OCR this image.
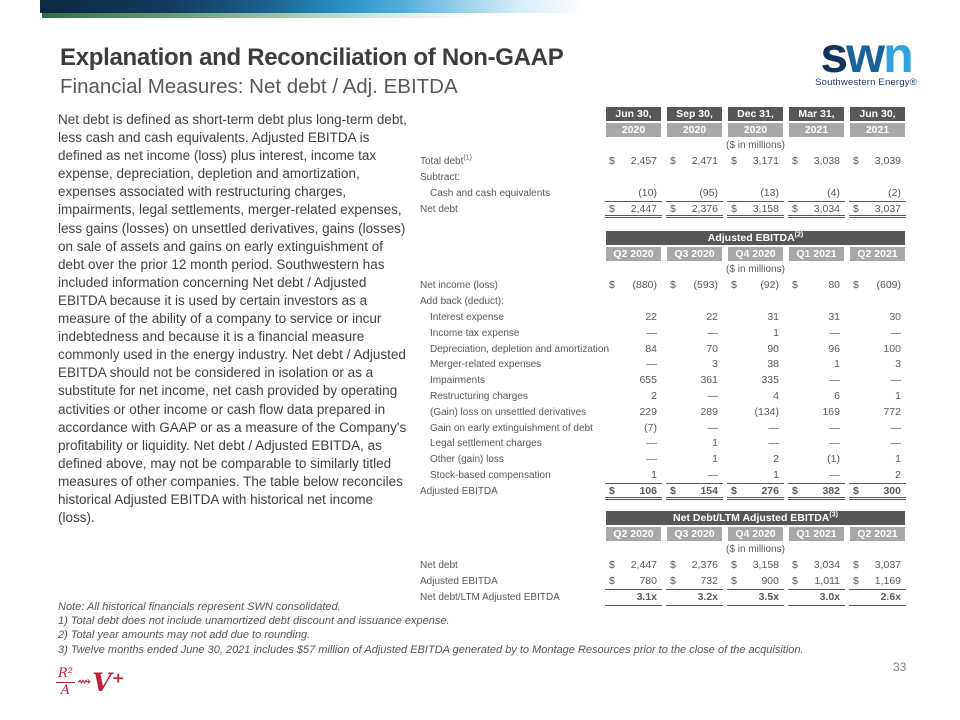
Explanation and Reconciliation of Non-GAAP
Financial Measures: Net debt / Adj. EBITDA
swn
Southwestern Energy®
Net debt is defined as short-term debt plus long-term debt, less cash and cash equivalents. Adjusted EBITDA is defined as net income (loss) plus interest, income tax expense, depreciation, depletion and amortization, expenses associated with restructuring charges, impairments, legal settlements, merger-related expenses, less gains (losses) on unsettled derivatives, gains (losses) on sale of assets and gains on early extinguishment of debt over the prior 12 month period. Southwestern has included information concerning Net debt / Adjusted EBITDA because it is used by certain investors as a measure of the ability of a company to service or incur indebtedness and because it is a financial measure commonly used in the energy industry. Net debt / Adjusted EBITDA should not be considered in isolation or as a substitute for net income, net cash provided by operating activities or other income or cash flow data prepared in accordance with GAAP or as a measure of the Company's profitability or liquidity. Net debt / Adjusted EBITDA, as defined above, may not be comparable to similarly titled measures of other companies. The table below reconciles historical Adjusted EBITDA with historical net income (loss).
Jun 30,	Sep 30,	Dec 31,	Mar 31,	Jun 30,
2020	2020	2020	2021	2021
($ in millions)
Total debt$^{(1)}$	$ 2,457 $ 2,471 $ 3,171 $ 3,038 $ 3,039
Subtract:
Cash and cash equivalents	(10)	(95)	(13)	(4)	(2)
Net debt	$ 2,447 $ 2,376 $ 3,158 $ 3,034 $ 3,037
Adjusted EBITDA$^{(2)}$
Q2 2020	Q3 2020	Q4 2020	Q1 2021	Q2 2021
($ in millions)
Net income (loss)	$ (880) $ (593) $ (92) $	80 $ (609)
Add back (deduct):
Interest expense	22	22	31	31	30
Income tax expense	—	—	1	—	—
Depreciation, depletion and amortization	84	70	90	96	100
Merger-related expenses	—	3	38	1	3
Impairments	655	361	335	—	—
Restructuring charges	2	—	4	6	1
(Gain) loss on unsettled derivatives	229	289	(134)	169	772
Gain on early extinguishment of debt	(7)	—	—	—	—
Legal settlement charges	—	1	—	—	—
Other (gain) loss	—	1	2	(1)	1
Stock-based compensation	1	—	1	—	2
Adjusted EBITDA	$ 106 $ 154 $ 276 $ 382 $ 300
Net Debt/LTM Adjusted EBITDA$^{(3)}$
Q2 2020	Q3 2020	Q4 2020	Q1 2021	Q2 2021
($ in millions)
Net debt	$ 2,447 $ 2,376 $ 3,158 $ 3,034 $ 3,037
Adjusted EBITDA	$ 780 $ 732 $ 900 $ 1,011 $ 1,169
Net debt/LTM Adjusted EBITDA	3.1x	3.2x	3.5x	3.0x	2.6x
Note: All historical financials represent SWN consolidated.
1) Total debt does not include unamortized debt discount and issuance expense.
2) Total year amounts may not add due to rounding.
3) Twelve months ended June 30, 2021 includes $57 million of Adjusted EBITDA generated by to Montage Resources prior to the close of the acquisition.
$\frac{\text{R²}}{A}$ ⇝ V⁺
33
